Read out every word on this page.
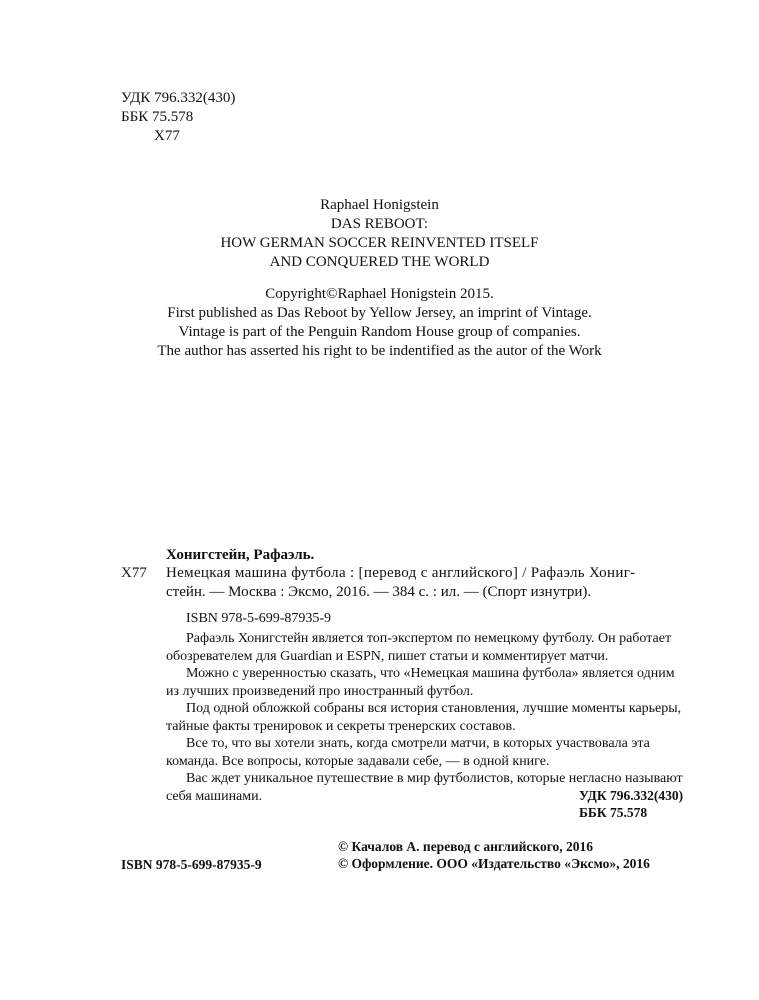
УДК 796.332(430)
ББК 75.578
Х77
Raphael Honigstein
DAS REBOOT:
HOW GERMAN SOCCER REINVENTED ITSELF
AND CONQUERED THE WORLD
Copyright©Raphael Honigstein 2015.
First published as Das Reboot by Yellow Jersey, an imprint of Vintage.
Vintage is part of the Penguin Random House group of companies.
The author has asserted his right to be indentified as the autor of the Work
Хонигстейн, Рафаэль.
Х77 Немецкая машина футбола : [перевод с английского] / Рафаэль Хониг-
стейн. — Москва : Эксмо, 2016. — 384 с. : ил. — (Спорт изнутри).
ISBN 978-5-699-87935-9
Рафаэль Хонигстейн является топ-экспертом по немецкому футболу. Он работает
обозревателем для Guardian и ESPN, пишет статьи и комментирует матчи.
Можно с уверенностью сказать, что «Немецкая машина футбола» является одним
из лучших произведений про иностранный футбол.
Под одной обложкой собраны вся история становления, лучшие моменты карьеры,
тайные факты тренировок и секреты тренерских составов.
Все то, что вы хотели знать, когда смотрели матчи, в которых участвовала эта
команда. Все вопросы, которые задавали себе, — в одной книге.
Вас ждет уникальное путешествие в мир футболистов, которые негласно называют
себя машинами.	УДК 796.332(430)
ББК 75.578
ISBN 978-5-699-87935-9
© Качалов А. перевод с английского, 2016
© Оформление. ООО «Издательство «Эксмо», 2016
